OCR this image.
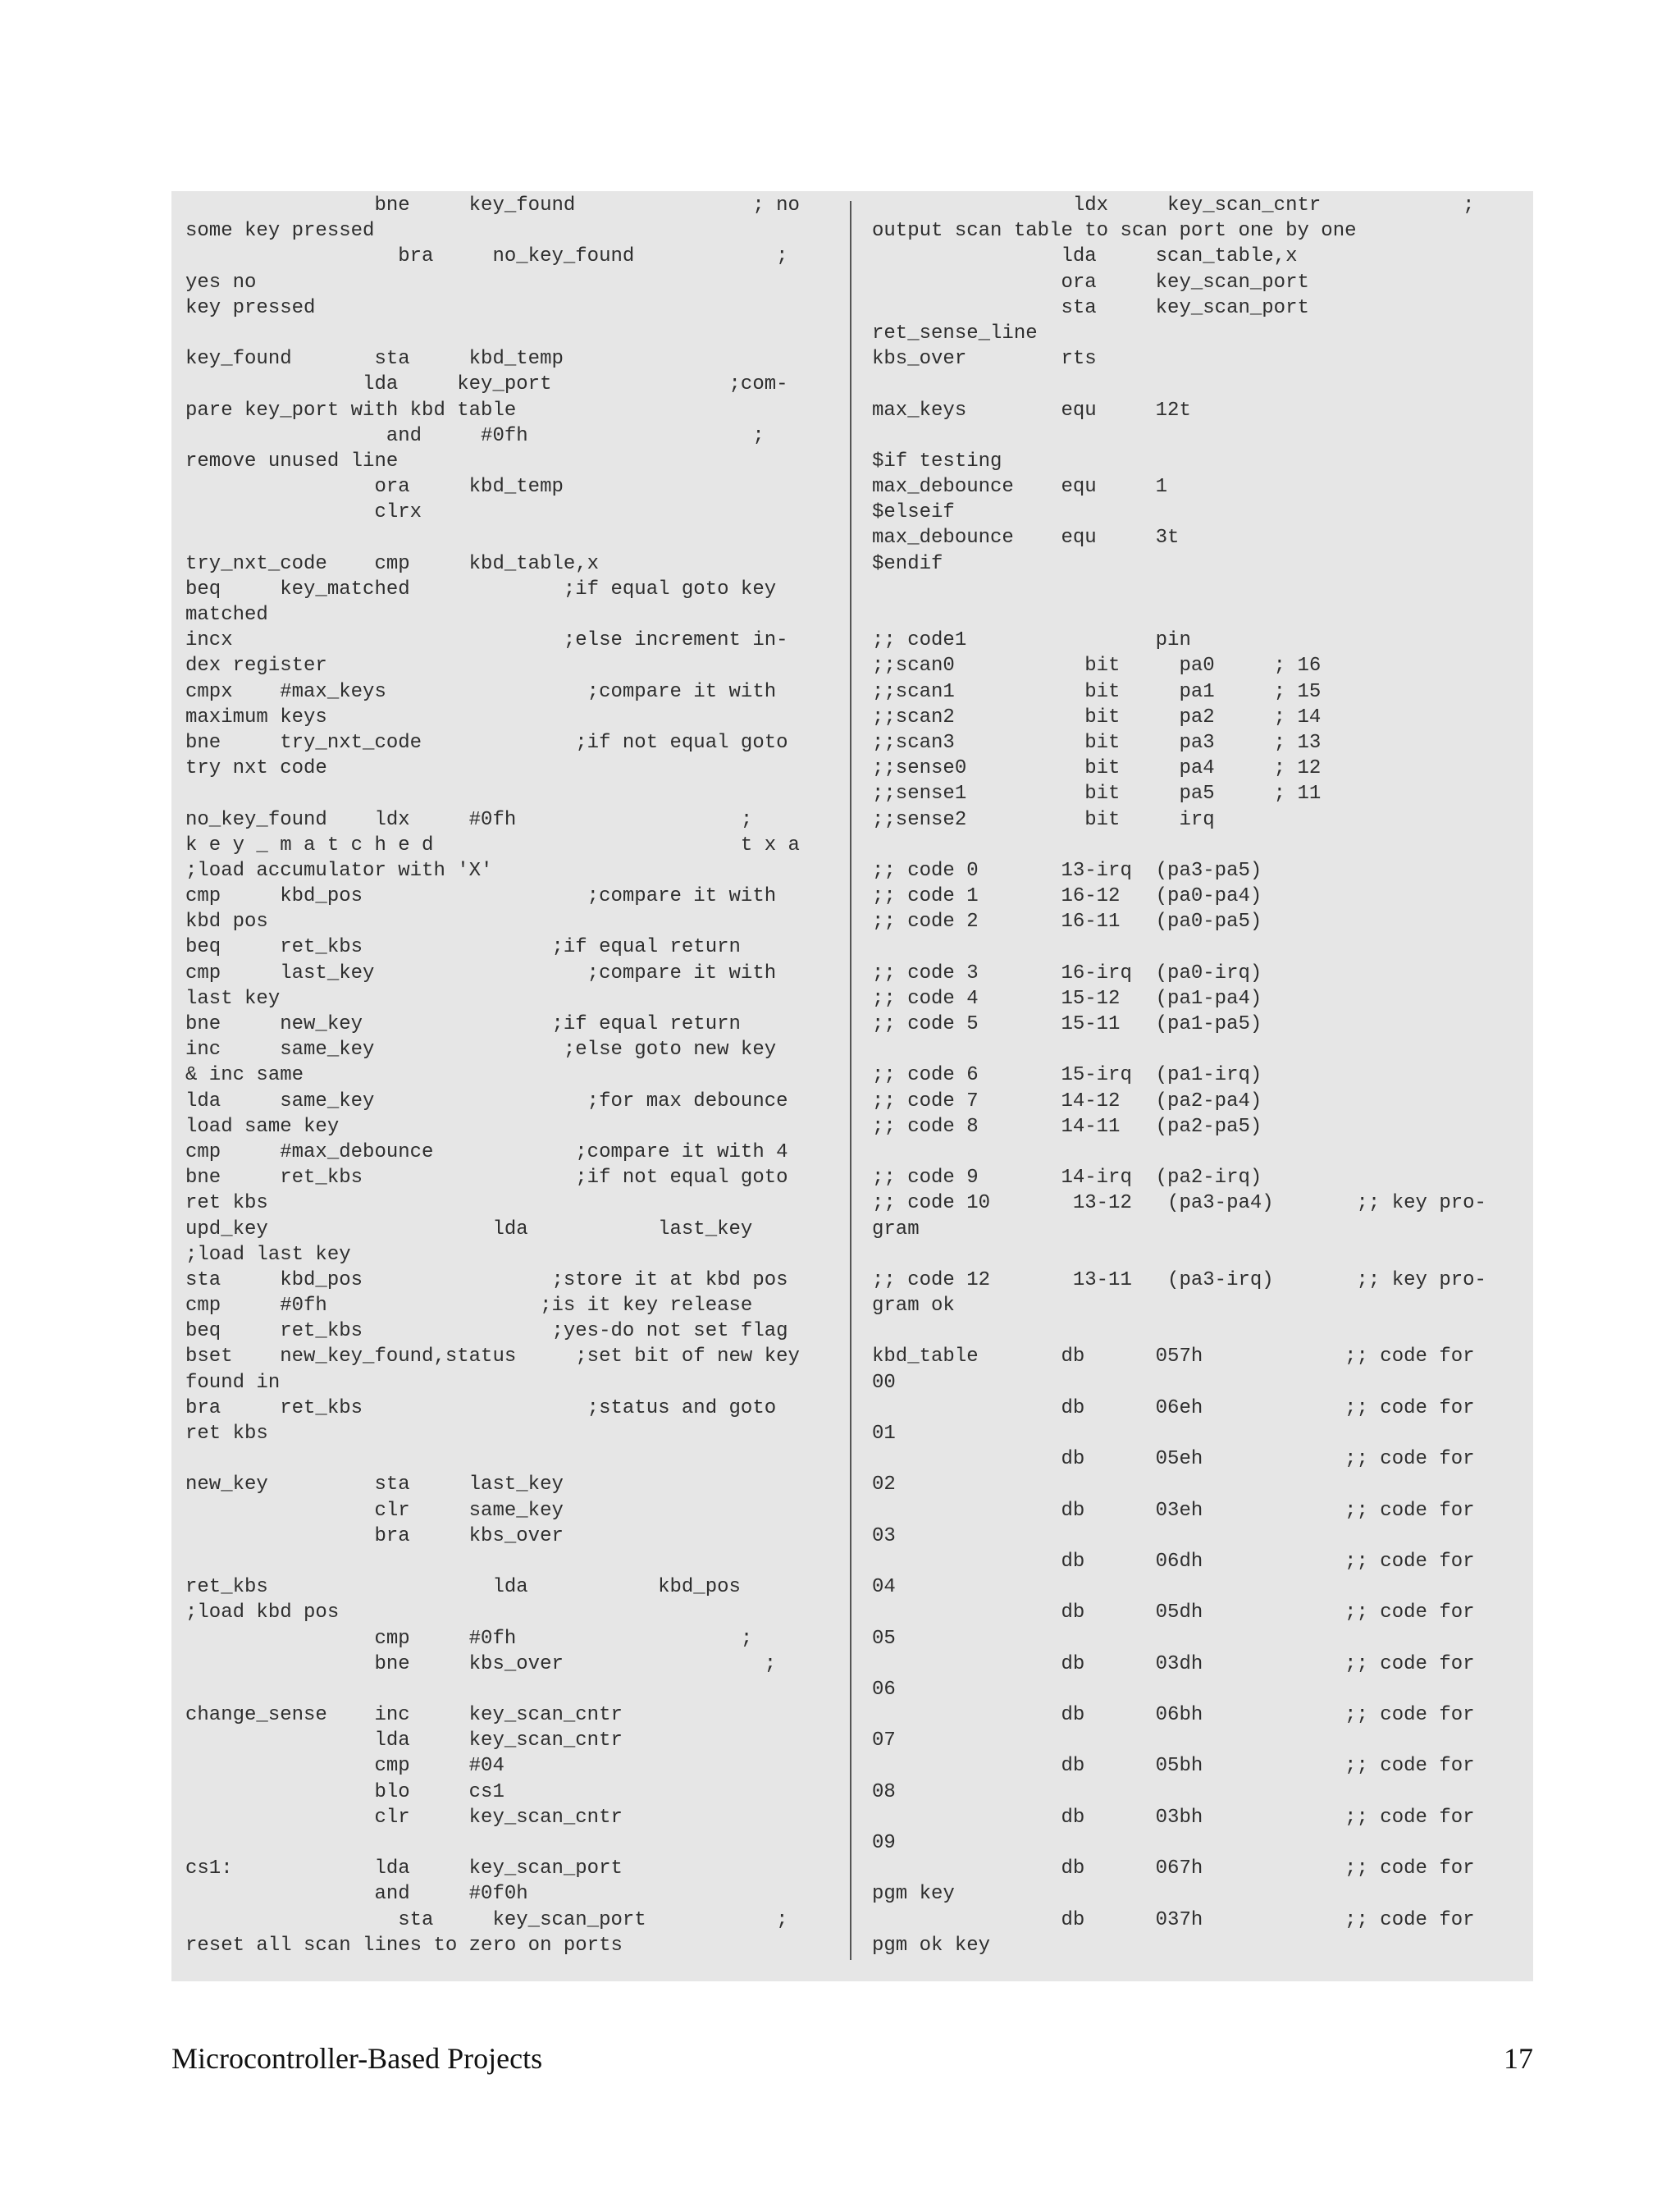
bne     key_found               ; no
some key pressed
bra     no_key_found            ;
yes no
key pressed
key_found       sta     kbd_temp
lda     key_port               ;com-
pare key_port with kbd table
and     #0fh                   ;
remove unused line
ora     kbd_temp
clrx
try_nxt_code    cmp     kbd_table,x
beq     key_matched             ;if equal goto key
matched
incx                            ;else increment in-
dex register
cmpx    #max_keys                 ;compare it with
maximum keys
bne     try_nxt_code             ;if not equal goto
try nxt code
no_key_found    ldx     #0fh                   ;
k e y _ m a t c h e d                          t x a
;load accumulator with 'X'
cmp     kbd_pos                   ;compare it with
kbd pos
beq     ret_kbs                ;if equal return
cmp     last_key                  ;compare it with
last key
bne     new_key                ;if equal return
inc     same_key                ;else goto new key
& inc same
lda     same_key                  ;for max debounce
load same key
cmp     #max_debounce            ;compare it with 4
bne     ret_kbs                  ;if not equal goto
ret kbs
upd_key                   lda           last_key
;load last key
sta     kbd_pos                ;store it at kbd pos
cmp     #0fh                  ;is it key release
beq     ret_kbs                ;yes-do not set flag
bset    new_key_found,status     ;set bit of new key
found in
bra     ret_kbs                   ;status and goto
ret kbs
new_key         sta     last_key
clr     same_key
bra     kbs_over
ret_kbs                   lda           kbd_pos
;load kbd pos
cmp     #0fh                   ;
bne     kbs_over                 ;
change_sense    inc     key_scan_cntr
lda     key_scan_cntr
cmp     #04
blo     cs1
clr     key_scan_cntr
cs1:            lda     key_scan_port
and     #0f0h
sta     key_scan_port           ;
reset all scan lines to zero on ports
ldx     key_scan_cntr            ;
output scan table to scan port one by one
lda     scan_table,x
ora     key_scan_port
sta     key_scan_port
ret_sense_line
kbs_over        rts
max_keys        equ     12t
$if testing
max_debounce    equ     1
$elseif
max_debounce    equ     3t
$endif
;; code1                pin
;;scan0           bit     pa0     ; 16
;;scan1           bit     pa1     ; 15
;;scan2           bit     pa2     ; 14
;;scan3           bit     pa3     ; 13
;;sense0          bit     pa4     ; 12
;;sense1          bit     pa5     ; 11
;;sense2          bit     irq
;; code 0       13-irq  (pa3-pa5)
;; code 1       16-12   (pa0-pa4)
;; code 2       16-11   (pa0-pa5)
;; code 3       16-irq  (pa0-irq)
;; code 4       15-12   (pa1-pa4)
;; code 5       15-11   (pa1-pa5)
;; code 6       15-irq  (pa1-irq)
;; code 7       14-12   (pa2-pa4)
;; code 8       14-11   (pa2-pa5)
;; code 9       14-irq  (pa2-irq)
;; code 10       13-12   (pa3-pa4)       ;; key pro-
gram
;; code 12       13-11   (pa3-irq)       ;; key pro-
gram ok
kbd_table       db      057h            ;; code for
00
db      06eh            ;; code for
01
db      05eh            ;; code for
02
db      03eh            ;; code for
03
db      06dh            ;; code for
04
db      05dh            ;; code for
05
db      03dh            ;; code for
06
db      06bh            ;; code for
07
db      05bh            ;; code for
08
db      03bh            ;; code for
09
db      067h            ;; code for
pgm key
db      037h            ;; code for
pgm ok key
Microcontroller-Based Projects	17
